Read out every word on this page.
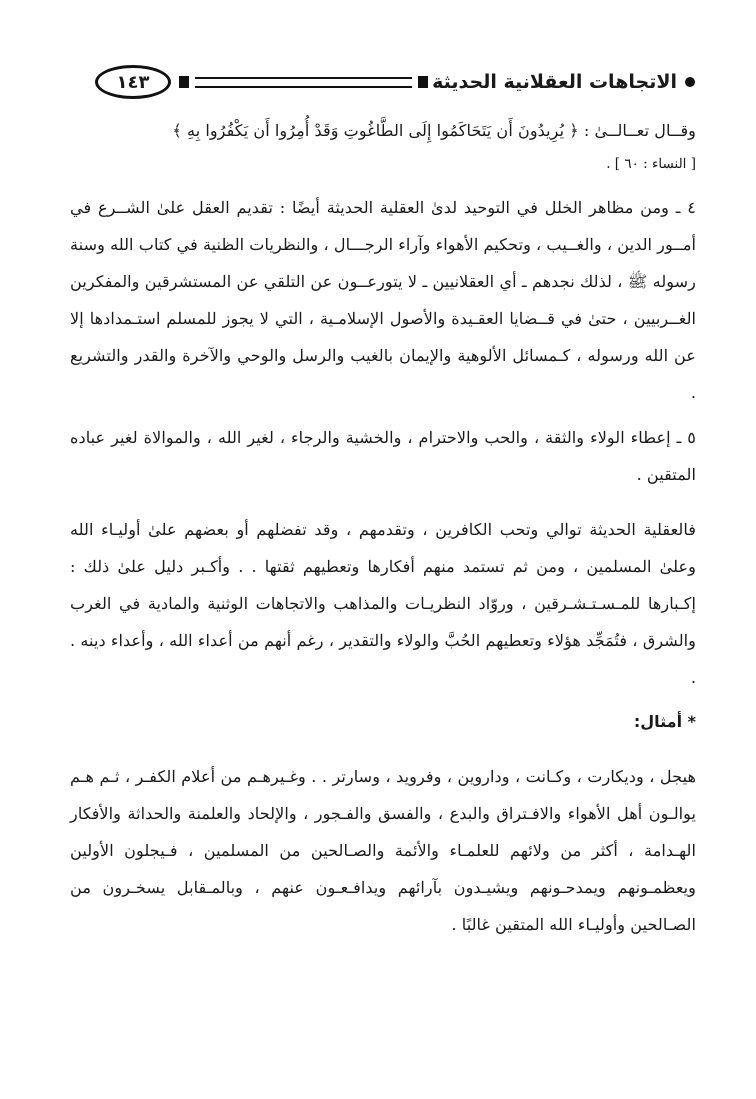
الاتجاهات العقلانية الحديثة
١٤٣

وقــال تعــالــىٰ : ﴿ يُرِيدُونَ أَن يَتَحَاكَمُوا إِلَى الطَّاغُوتِ وَقَدْ أُمِرُوا أَن يَكْفُرُوا بِهِ ﴾

[ النساء : ٦٠ ] .

٤ ـ ومن مظاهر الخلل في التوحيد لدىٰ العقلية الحديثة أيضًا : تقديم العقل علىٰ الشــرع في أمــور الدين ، والغــيب ، وتحكيم الأهواء وآراء الرجـــال ، والنظريات الظنية في كتاب الله وسنة رسوله ﷺ ، لذلك نجدهم ـ أي العقلانيين ـ لا يتورعــون عن التلقي عن المستشرقين والمفكرين الغــربيين ، حتىٰ في قــضايا العقـيدة والأصول الإسلامـية ، التي لا يجوز للمسلم استـمدادها إلا عن الله ورسوله ، كـمسائل الألوهية والإيمان بالغيب والرسل والوحي والآخرة والقدر والتشريع .

٥ ـ إعطاء الولاء والثقة ، والحب والاحترام ، والخشية والرجاء ، لغير الله ، والموالاة لغير عباده المتقين .

فالعقلية الحديثة توالي وتحب الكافرين ، وتقدمهم ، وقد تفضلهم أو بعضهم علىٰ أوليـاء الله وعلىٰ المسلمين ، ومن ثم تستمد منهم أفكارها وتعطيهم ثقتها . . وأكـبر دليل علىٰ ذلك : إكـبارها للمـسـتـشـرقين ، وروّاد النظريـات والمذاهب والاتجاهات الوثنية والمادية في الغرب والشرق ، فتُمَجِّد هؤلاء وتعطيهم الحُبَّ والولاء والتقدير ، رغم أنهم من أعداء الله ، وأعداء دينه . .

* أمثال:

هيجل ، وديكارت ، وكـانت ، وداروين ، وفرويد ، وسارتر . . وغـيرهـم من أعلام الكفـر ، ثـم هـم يوالـون أهل الأهواء والافـتراق والبدع ، والفسق والفـجور ، والإلحاد والعلمنة والحداثة والأفكار الهـدامة ، أكثر من ولائهم للعلمـاء والأئمة والصـالحين من المسلمين ، فـيجلون الأولين ويعظمـونهم ويمدحـونهم ويشيـدون بآرائهم ويدافـعـون عنهم ، وبالمـقابل يسخـرون من الصـالحين وأوليـاء الله المتقين غالبًا .
